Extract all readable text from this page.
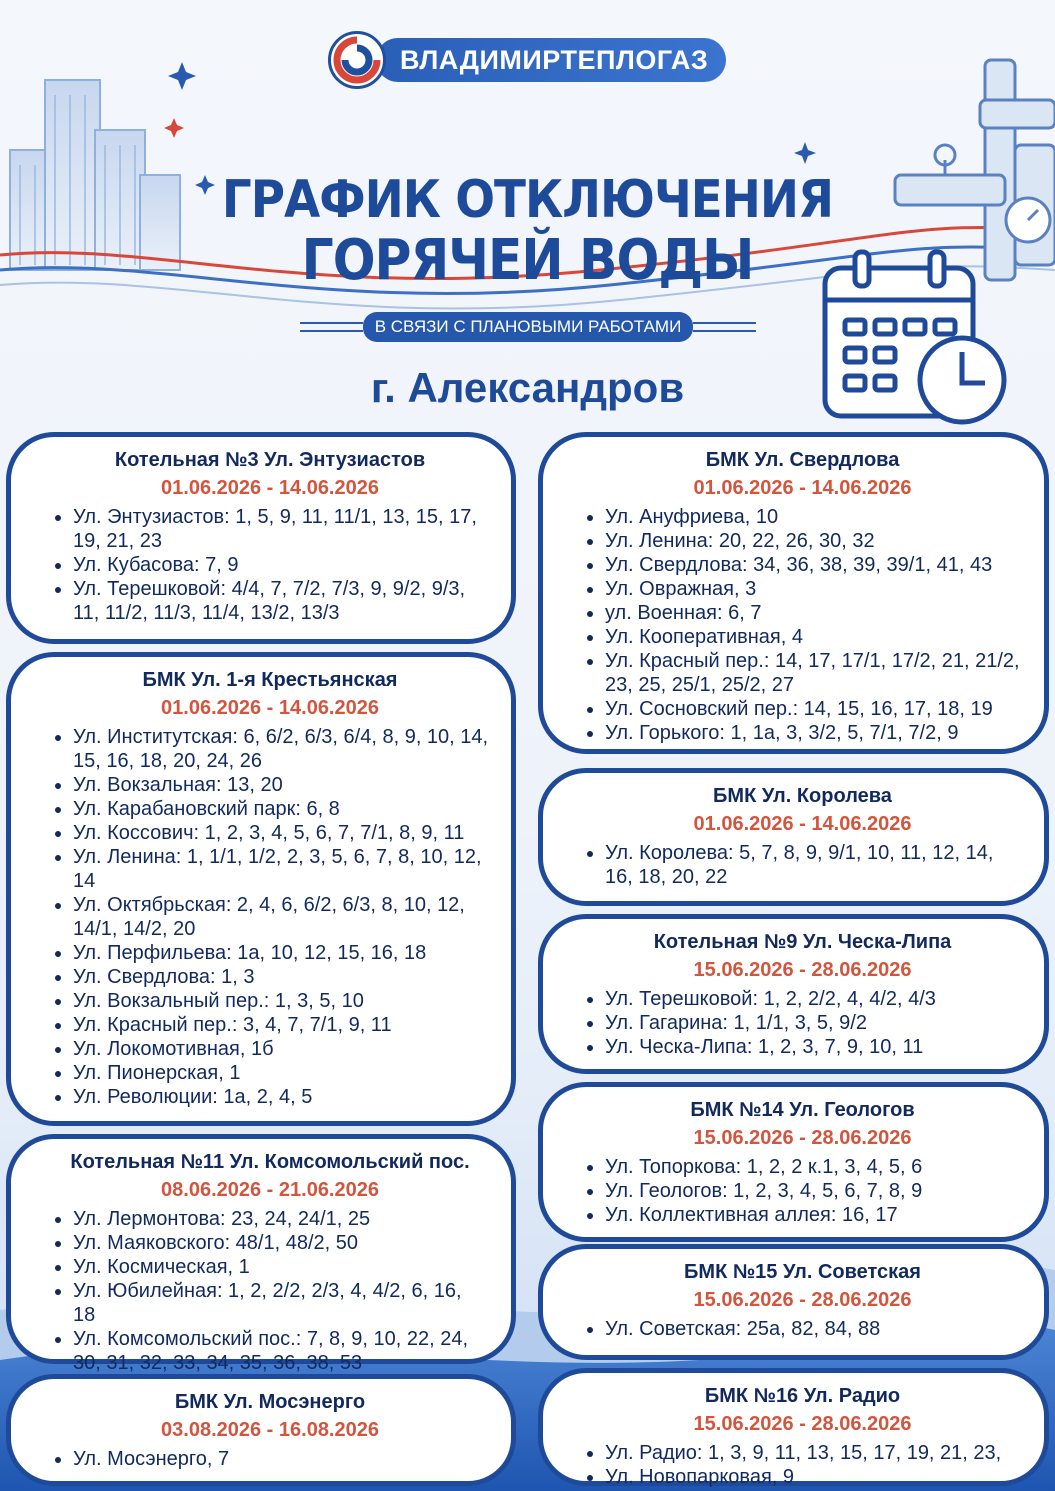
ВЛАДИМИРТЕПЛОГАЗ
ГРАФИК ОТКЛЮЧЕНИЯ
ГОРЯЧЕЙ ВОДЫ
В СВЯЗИ С ПЛАНОВЫМИ РАБОТАМИ
г. Александров
Котельная №3 Ул. Энтузиастов
01.06.2026 - 14.06.2026
• Ул. Энтузиастов: 1, 5, 9, 11, 11/1, 13, 15, 17, 19, 21, 23
• Ул. Кубасова: 7, 9
• Ул. Терешковой: 4/4, 7, 7/2, 7/3, 9, 9/2, 9/3, 11, 11/2, 11/3, 11/4, 13/2, 13/3
БМК Ул. 1-я Крестьянская
01.06.2026 - 14.06.2026
• Ул. Институтская: 6, 6/2, 6/3, 6/4, 8, 9, 10, 14, 15, 16, 18, 20, 24, 26
• Ул. Вокзальная: 13, 20
• Ул. Карабановский парк: 6, 8
• Ул. Коссович: 1, 2, 3, 4, 5, 6, 7, 7/1, 8, 9, 11
• Ул. Ленина: 1, 1/1, 1/2, 2, 3, 5, 6, 7, 8, 10, 12, 14
• Ул. Октябрьская: 2, 4, 6, 6/2, 6/3, 8, 10, 12, 14/1, 14/2, 20
• Ул. Перфильева: 1а, 10, 12, 15, 16, 18
• Ул. Свердлова: 1, 3
• Ул. Вокзальный пер.: 1, 3, 5, 10
• Ул. Красный пер.: 3, 4, 7, 7/1, 9, 11
• Ул. Локомотивная, 1б
• Ул. Пионерская, 1
• Ул. Революции: 1а, 2, 4, 5
Котельная №11 Ул. Комсомольский пос.
08.06.2026 - 21.06.2026
• Ул. Лермонтова: 23, 24, 24/1, 25
• Ул. Маяковского: 48/1, 48/2, 50
• Ул. Космическая, 1
• Ул. Юбилейная: 1, 2, 2/2, 2/3, 4, 4/2, 6, 16, 18
• Ул. Комсомольский пос.: 7, 8, 9, 10, 22, 24, 30, 31, 32, 33, 34, 35, 36, 38, 53
БМК Ул. Мосэнерго
03.08.2026 - 16.08.2026
• Ул. Мосэнерго, 7
БМК Ул. Свердлова
01.06.2026 - 14.06.2026
• Ул. Ануфриева, 10
• Ул. Ленина: 20, 22, 26, 30, 32
• Ул. Свердлова: 34, 36, 38, 39, 39/1, 41, 43
• Ул. Овражная, 3
• ул. Военная: 6, 7
• Ул. Кооперативная, 4
• Ул. Красный пер.: 14, 17, 17/1, 17/2, 21, 21/2, 23, 25, 25/1, 25/2, 27
• Ул. Сосновский пер.: 14, 15, 16, 17, 18, 19
• Ул. Горького: 1, 1а, 3, 3/2, 5, 7/1, 7/2, 9
БМК Ул. Королева
01.06.2026 - 14.06.2026
• Ул. Королева: 5, 7, 8, 9, 9/1, 10, 11, 12, 14, 16, 18, 20, 22
Котельная №9 Ул. Ческа-Липа
15.06.2026 - 28.06.2026
• Ул. Терешковой: 1, 2, 2/2, 4, 4/2, 4/3
• Ул. Гагарина: 1, 1/1, 3, 5, 9/2
• Ул. Ческа-Липа: 1, 2, 3, 7, 9, 10, 11
БМК №14 Ул. Геологов
15.06.2026 - 28.06.2026
• Ул. Топоркова: 1, 2, 2 к.1, 3, 4, 5, 6
• Ул. Геологов: 1, 2, 3, 4, 5, 6, 7, 8, 9
• Ул. Коллективная аллея: 16, 17
БМК №15 Ул. Советская
15.06.2026 - 28.06.2026
• Ул. Советская: 25а, 82, 84, 88
БМК №16 Ул. Радио
15.06.2026 - 28.06.2026
• Ул. Радио: 1, 3, 9, 11, 13, 15, 17, 19, 21, 23,
• Ул. Новопарковая, 9
